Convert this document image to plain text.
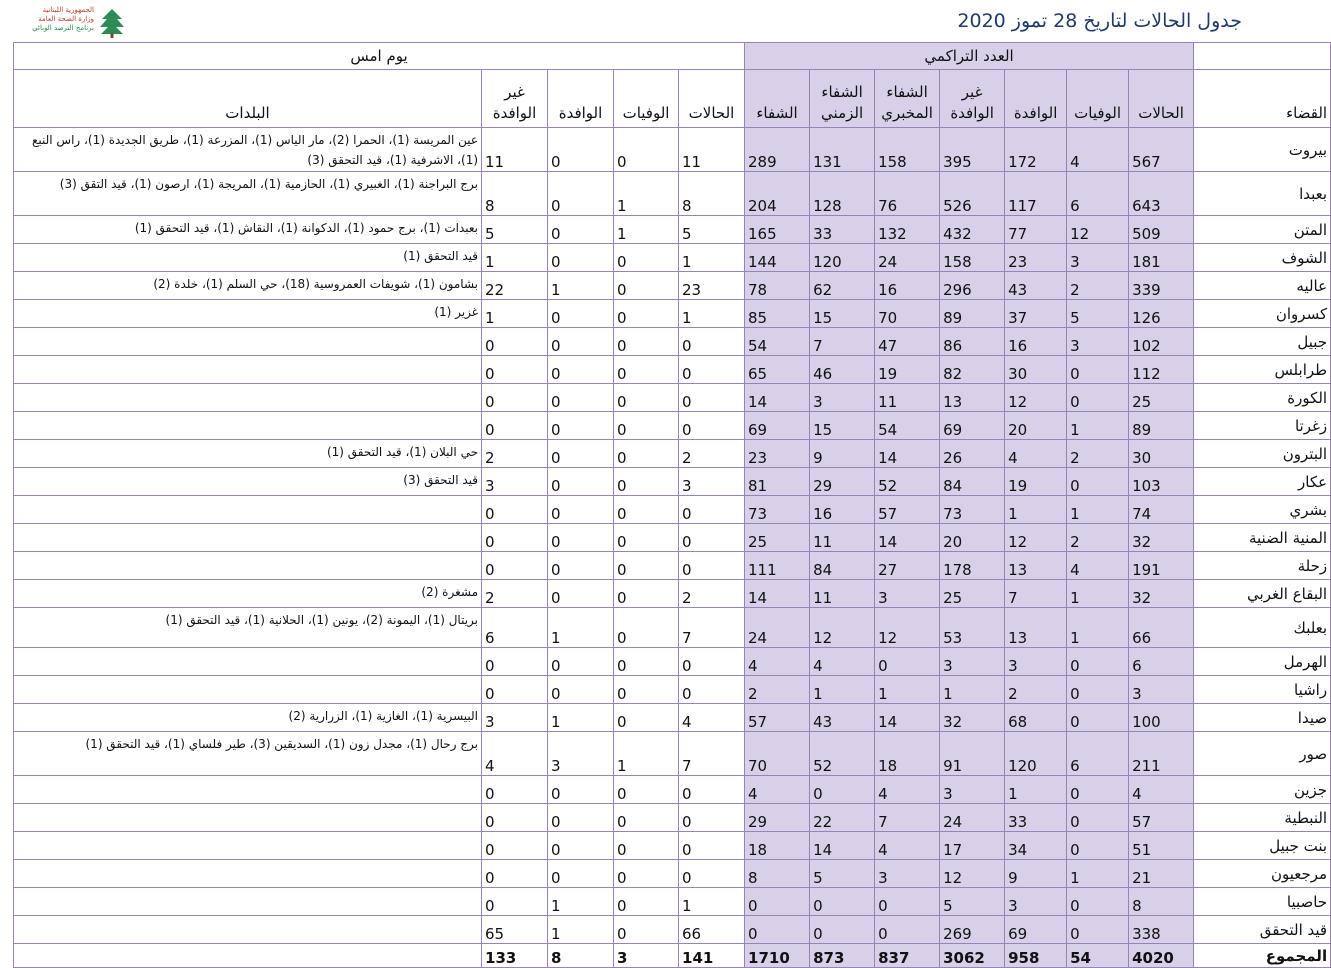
الجمهورية اللبنانية
وزارة الصحة العامة
برنامج الترصد الوبائي	جدول الحالات لتاريخ 28 تموز 2020
	العدد التراكمي							يوم امس				
القضاء	الحالات	الوفيات	الوافدة	غير الوافدة	الشفاء المخبري	الشفاء الزمني	الشفاء	الحالات	الوفيات	الوافدة	غير الوافدة	البلدات
بيروت	567	4	172	395	158	131	289	11	0	0	11	عين المريسة (1)، الحمرا (2)، مار الياس (1)، المزرعة (1)، طريق الجديدة (1)، راس النبع (1)، الاشرفية (1)، قيد التحقق (3)
بعبدا	643	6	117	526	76	128	204	8	1	0	8	برج البراجنة (1)، الغبيري (1)، الحازمية (1)، المريجة (1)، ارصون (1)، قيد التقق (3)
المتن	509	12	77	432	132	33	165	5	1	0	5	بعبدات (1)، برج حمود (1)، الدكوانة (1)، النقاش (1)، قيد التحقق (1)
الشوف	181	3	23	158	24	120	144	1	0	0	1	قيد التحقق (1)
عاليه	339	2	43	296	16	62	78	23	0	1	22	بشامون (1)، شويفات العمروسية (18)، حي السلم (1)، خلدة (2)
كسروان	126	5	37	89	70	15	85	1	0	0	1	غزير (1)
جبيل	102	3	16	86	47	7	54	0	0	0	0	
طرابلس	112	0	30	82	19	46	65	0	0	0	0	
الكورة	25	0	12	13	11	3	14	0	0	0	0	
زغرتا	89	1	20	69	54	15	69	0	0	0	0	
البترون	30	2	4	26	14	9	23	2	0	0	2	حي البلان (1)، قيد التحقق (1)
عكار	103	0	19	84	52	29	81	3	0	0	3	قيد التحقق (3)
بشري	74	1	1	73	57	16	73	0	0	0	0	
المنية الضنية	32	2	12	20	14	11	25	0	0	0	0	
زحلة	191	4	13	178	27	84	111	0	0	0	0	
البقاع الغربي	32	1	7	25	3	11	14	2	0	0	2	مشغرة (2)
بعلبك	66	1	13	53	12	12	24	7	0	1	6	بريتال (1)، اليمونة (2)، يونين (1)، الحلانية (1)، قيد التحقق (1)
الهرمل	6	0	3	3	0	4	4	0	0	0	0	
راشيا	3	0	2	1	1	1	2	0	0	0	0	
صيدا	100	0	68	32	14	43	57	4	0	1	3	البيسرية (1)، الغازية (1)، الزرارية (2)
صور	211	6	120	91	18	52	70	7	1	3	4	برج رحال (1)، مجدل زون (1)، السديقين (3)، طير فلساي (1)، قيد التحقق (1)
جزين	4	0	1	3	4	0	4	0	0	0	0	
النبطية	57	0	33	24	7	22	29	0	0	0	0	
بنت جبيل	51	0	34	17	4	14	18	0	0	0	0	
مرجعيون	21	1	9	12	3	5	8	0	0	0	0	
حاصبيا	8	0	3	5	0	0	0	1	0	1	0	
قيد التحقق	338	0	69	269	0	0	0	66	0	1	65	
المجموع	4020	54	958	3062	837	873	1710	141	3	8	133	
